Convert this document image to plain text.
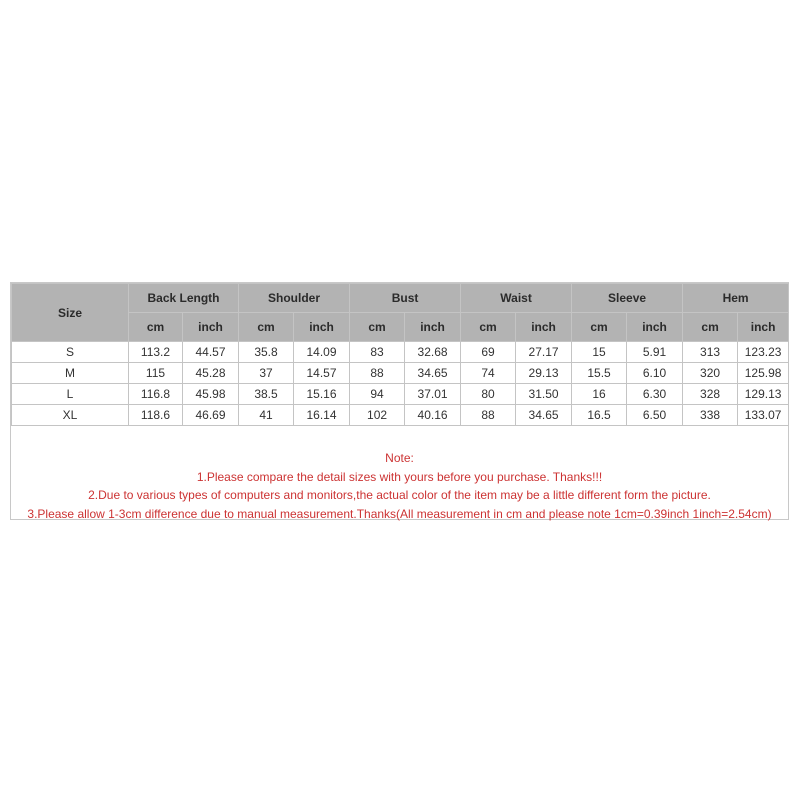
Size	Back Length		Shoulder		Bust		Waist		Sleeve		Hem	
	cm	inch	cm	inch	cm	inch	cm	inch	cm	inch	cm	inch
S	113.2	44.57	35.8	14.09	83	32.68	69	27.17	15	5.91	313	123.23
M	115	45.28	37	14.57	88	34.65	74	29.13	15.5	6.10	320	125.98
L	116.8	45.98	38.5	15.16	94	37.01	80	31.50	16	6.30	328	129.13
XL	118.6	46.69	41	16.14	102	40.16	88	34.65	16.5	6.50	338	133.07
Note:
1.Please compare the detail sizes with yours before you purchase. Thanks!!!
2.Due to various types of computers and monitors,the actual color of the item may be a little different form the picture.
3.Please allow 1-3cm difference due to manual measurement.Thanks(All measurement in cm and please note 1cm=0.39inch 1inch=2.54cm)
